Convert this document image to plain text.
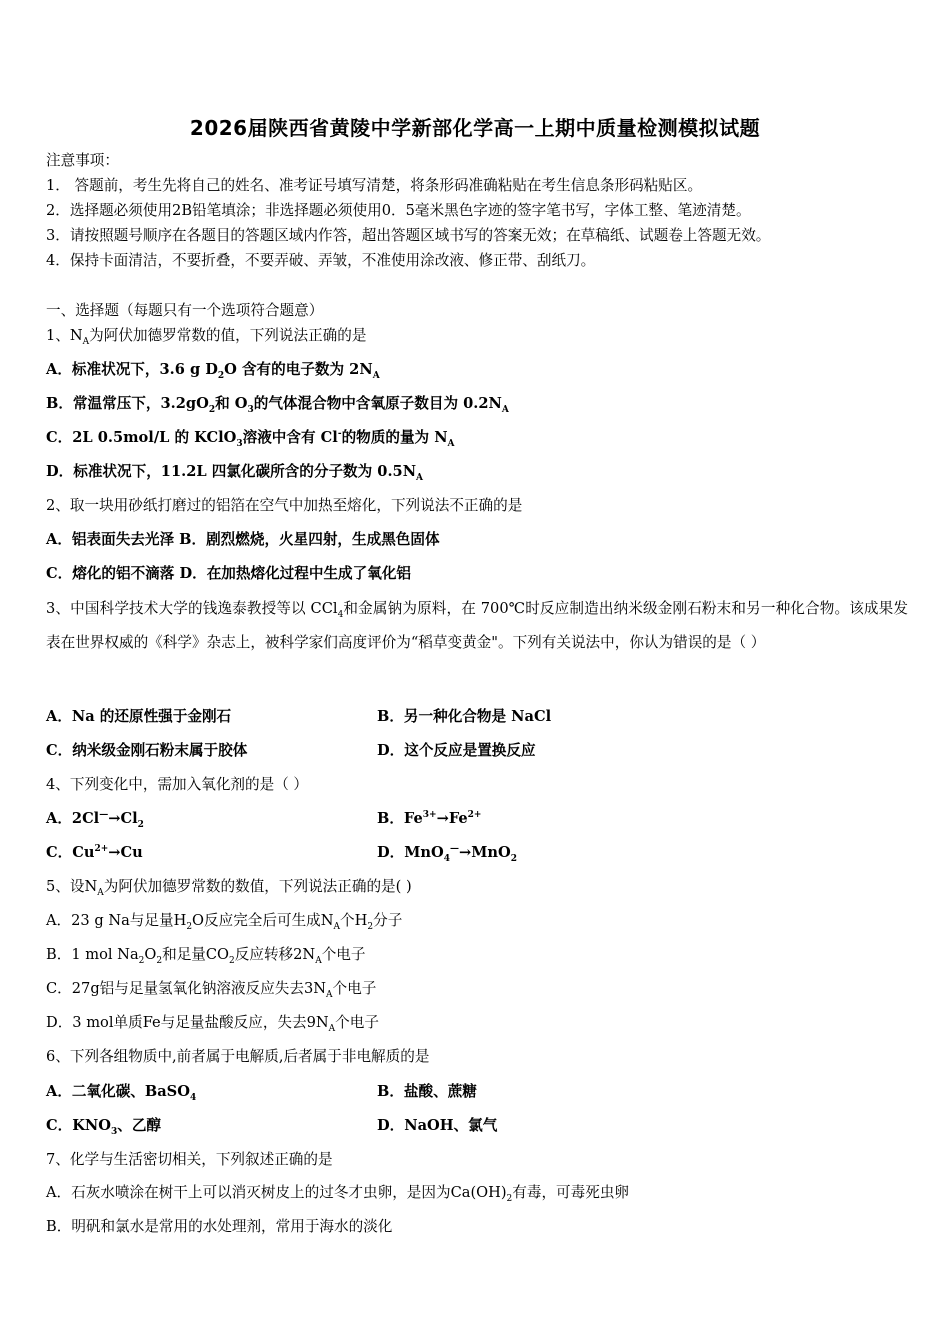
2026届陕西省黄陵中学新部化学高一上期中质量检测模拟试题
注意事项：
1． 答题前，考生先将自己的姓名、准考证号填写清楚，将条形码准确粘贴在考生信息条形码粘贴区。
2．选择题必须使用2B铅笔填涂；非选择题必须使用0．5毫米黑色字迹的签字笔书写，字体工整、笔迹清楚。
3．请按照题号顺序在各题目的答题区域内作答，超出答题区域书写的答案无效；在草稿纸、试题卷上答题无效。
4．保持卡面清洁，不要折叠，不要弄破、弄皱，不准使用涂改液、修正带、刮纸刀。
一、选择题（每题只有一个选项符合题意）
1、$N_A$为阿伏加德罗常数的值，下列说法正确的是
A．标准状况下，3.6 g $D_2O$ 含有的电子数为 $2N_A$
B．常温常压下，$3.2gO_2$和 $O_3$的气体混合物中含氧原子数目为 $0.2N_A$
C．2L 0.5mol/L 的 KClO$_3$溶液中含有 Cl-的物质的量为 $N_A$
D．标准状况下，11.2L 四氯化碳所含的分子数为 $0.5N_A$
2、取一块用砂纸打磨过的铝箔在空气中加热至熔化，下列说法不正确的是
A．铝表面失去光泽 B．剧烈燃烧，火星四射，生成黑色固体
C．熔化的铝不滴落 D．在加热熔化过程中生成了氧化铝
3、中国科学技术大学的钱逸泰教授等以 CCl$_4$和金属钠为原料，在 700℃时反应制造出纳米级金刚石粉末和另一种化合物。该成果发表在世界权威的《科学》杂志上，被科学家们高度评价为“稻草变黄金"。下列有关说法中，你认为错误的是（ ）
A．Na 的还原性强于金刚石	B．另一种化合物是 NaCl
C．纳米级金刚石粉末属于胶体	D．这个反应是置换反应
4、下列变化中，需加入氧化剂的是（ ）
A．$2Cl^—\to Cl_2$	B．$Fe^{3+}\to Fe^{2+}$
C．$Cu^{2+}\to Cu$	D．MnO$_4$—→MnO$_2$
5、设$N_A$为阿伏加德罗常数的数值，下列说法正确的是( )
A．23 g Na与足量$H_2O$反应完全后可生成$N_A$个$H_2$分子
B．1 mol $Na_2O_2$和足量$CO_2$反应转移$2N_A$个电子
C．27g铝与足量氢氧化钠溶液反应失去$3N_A$个电子
D．3 mol单质Fe与足量盐酸反应，失去$9N_A$个电子
6、下列各组物质中,前者属于电解质,后者属于非电解质的是
A．二氧化碳、BaSO$_4$	B．盐酸、蔗糖
C．$KNO_3$、乙醇	D．NaOH、氯气
7、化学与生活密切相关，下列叙述正确的是
A．石灰水喷涂在树干上可以消灭树皮上的过冬才虫卵，是因为$Ca(OH)_2$有毒，可毒死虫卵
B．明矾和氯水是常用的水处理剂，常用于海水的淡化
